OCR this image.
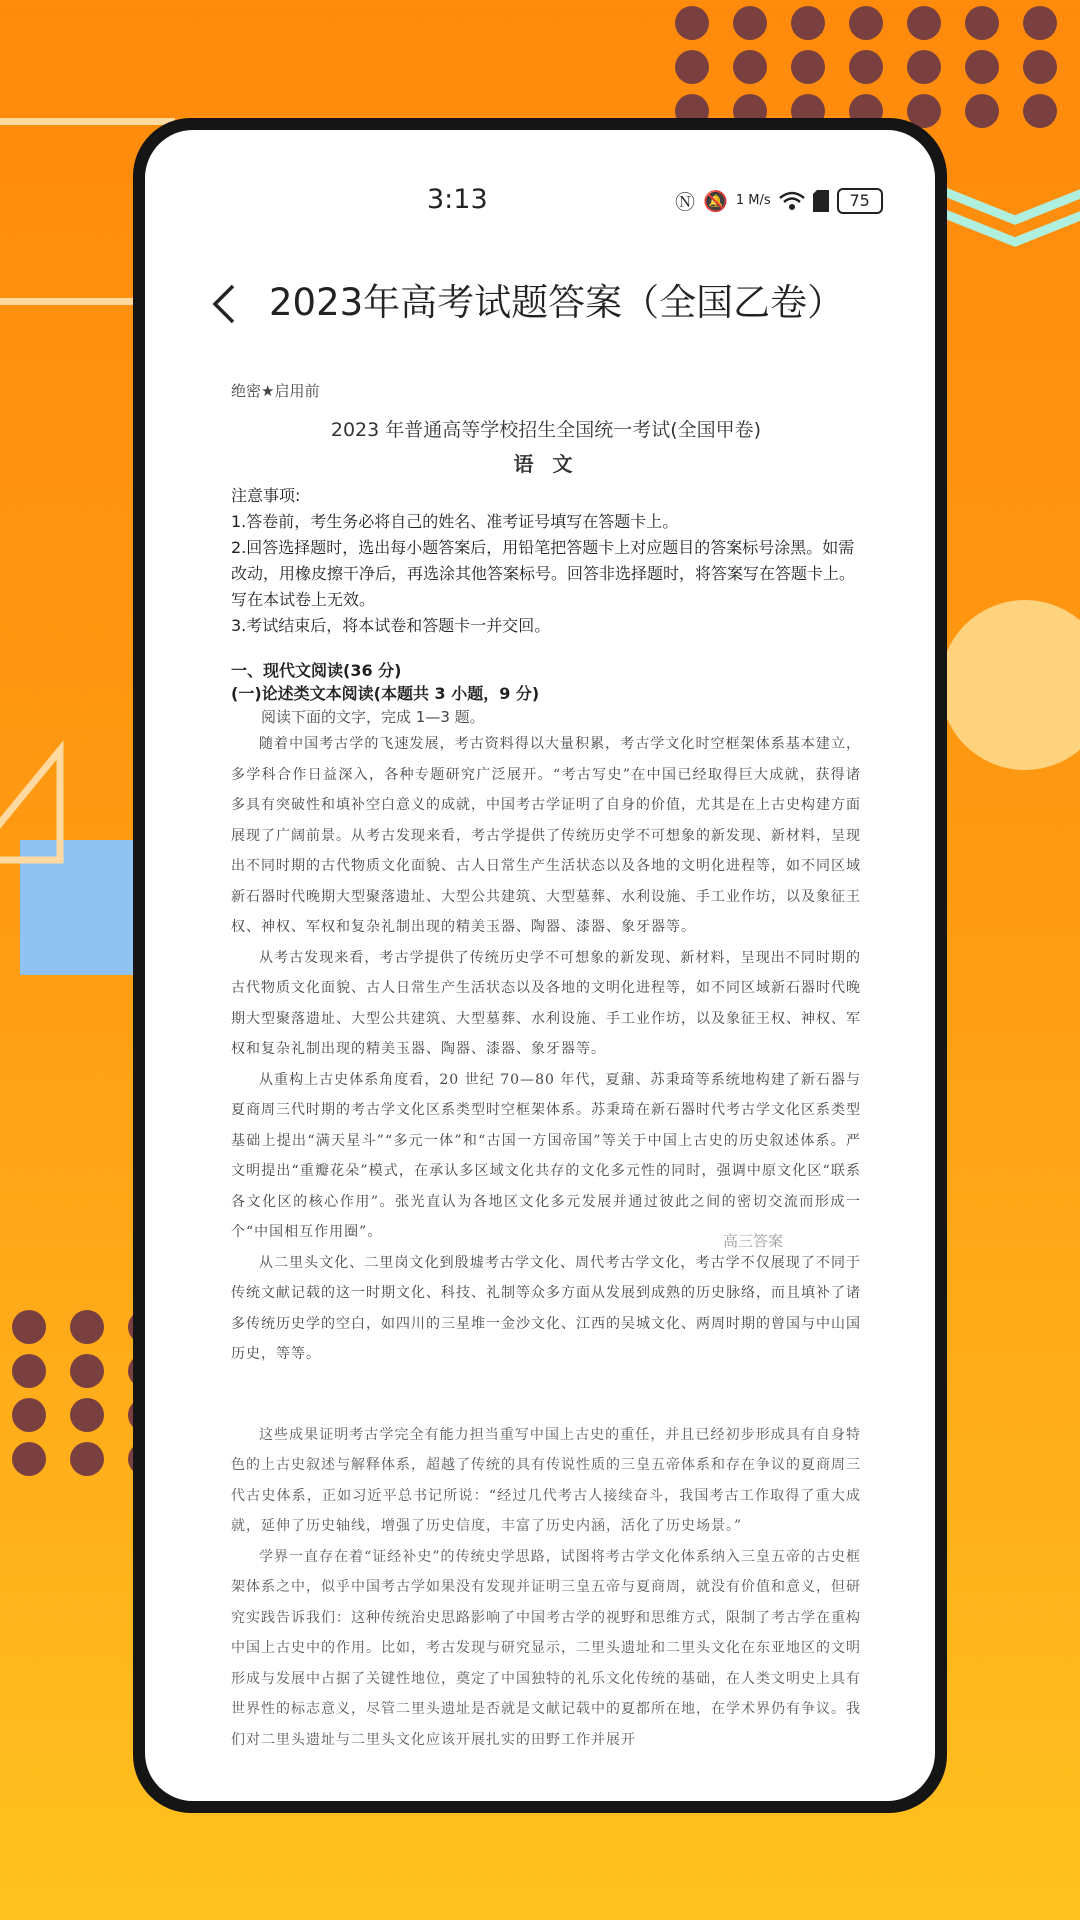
3:13	Ⓝ 🔕 1 M/s	75
2023年高考试题答案（全国乙卷）

绝密★启用前

2023 年普通高等学校招生全国统一考试(全国甲卷)

语 文

注意事项:

1.答卷前，考生务必将自己的姓名、准考证号填写在答题卡上。

2.回答选择题时，选出每小题答案后，用铅笔把答题卡上对应题目的答案标号涂黑。如需改动，用橡皮擦干净后，再选涂其他答案标号。回答非选择题时，将答案写在答题卡上。写在本试卷上无效。

3.考试结束后，将本试卷和答题卡一并交回。

一、现代文阅读(36 分)

(一)论述类文本阅读(本题共 3 小题，9 分)

阅读下面的文字，完成 1—3 题。

随着中国考古学的飞速发展，考古资料得以大量积累，考古学文化时空框架体系基本建立，多学科合作日益深入，各种专题研究广泛展开。“考古写史”在中国已经取得巨大成就，获得诸多具有突破性和填补空白意义的成就，中国考古学证明了自身的价值，尤其是在上古史构建方面展现了广阔前景。从考古发现来看，考古学提供了传统历史学不可想象的新发现、新材料，呈现出不同时期的古代物质文化面貌、古人日常生产生活状态以及各地的文明化进程等，如不同区域新石器时代晚期大型聚落遗址、大型公共建筑、大型墓葬、水利设施、手工业作坊，以及象征王权、神权、军权和复杂礼制出现的精美玉器、陶器、漆器、象牙器等。

从考古发现来看，考古学提供了传统历史学不可想象的新发现、新材料，呈现出不同时期的古代物质文化面貌、古人日常生产生活状态以及各地的文明化进程等，如不同区域新石器时代晚期大型聚落遗址、大型公共建筑、大型墓葬、水利设施、手工业作坊，以及象征王权、神权、军权和复杂礼制出现的精美玉器、陶器、漆器、象牙器等。

从重构上古史体系角度看，20 世纪 70—80 年代，夏鼐、苏秉琦等系统地构建了新石器与夏商周三代时期的考古学文化区系类型时空框架体系。苏秉琦在新石器时代考古学文化区系类型基础上提出“满天星斗”“多元一体”和“古国一方国帝国”等关于中国上古史的历史叙述体系。严文明提出“重瓣花朵”模式，在承认多区域文化共存的文化多元性的同时，强调中原文化区“联系各文化区的核心作用”。张光直认为各地区文化多元发展并通过彼此之间的密切交流而形成一个“中国相互作用圈”。

从二里头文化、二里岗文化到殷墟考古学文化、周代考古学文化，考古学不仅展现了不同于传统文献记载的这一时期文化、科技、礼制等众多方面从发展到成熟的历史脉络，而且填补了诸多传统历史学的空白，如四川的三星堆一金沙文化、江西的吴城文化、两周时期的曾国与中山国历史，等等。

这些成果证明考古学完全有能力担当重写中国上古史的重任，并且已经初步形成具有自身特色的上古史叙述与解释体系，超越了传统的具有传说性质的三皇五帝体系和存在争议的夏商周三代古史体系，正如习近平总书记所说：“经过几代考古人接续奋斗，我国考古工作取得了重大成就，延伸了历史轴线，增强了历史信度，丰富了历史内涵，活化了历史场景。”

学界一直存在着“证经补史”的传统史学思路，试图将考古学文化体系纳入三皇五帝的古史框架体系之中，似乎中国考古学如果没有发现并证明三皇五帝与夏商周，就没有价值和意义，但研究实践告诉我们：这种传统治史思路影响了中国考古学的视野和思维方式，限制了考古学在重构中国上古史中的作用。比如，考古发现与研究显示，二里头遗址和二里头文化在东亚地区的文明形成与发展中占据了关键性地位，奠定了中国独特的礼乐文化传统的基础，在人类文明史上具有世界性的标志意义，尽管二里头遗址是否就是文献记载中的夏都所在地，在学术界仍有争议。我们对二里头遗址与二里头文化应该开展扎实的田野工作并展开

高三答案
